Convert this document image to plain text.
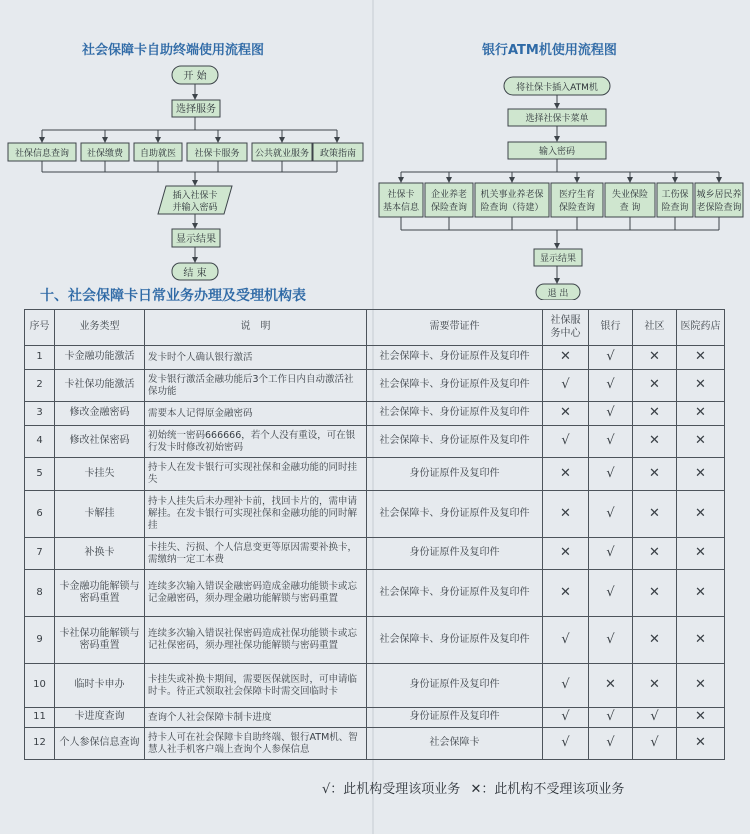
社会保障卡自助终端使用流程图	银行ATM机使用流程图
开 始
选择服务
社保信息查询 社保缴费 自助就医 社保卡服务 公共就业服务 政策指南
插入社保卡
并输入密码
显示结果
结 束
将社保卡插入ATM机
选择社保卡菜单
输入密码
社保卡
基本信息
企业养老
保险查询
机关事业养老保
险查询（待建）
医疗生育
保险查询
失业保险
查 询
工伤保
险查询
城乡居民养
老保险查询
显示结果
退 出
十、社会保障卡日常业务办理及受理机构表
序号	业务类型	说　明	需要带证件	社保服务中心	银行	社区	医院药店
1	卡金融功能激活	发卡时个人确认银行激活	社会保障卡、身份证原件及复印件	✕	√	✕	✕
2	卡社保功能激活	发卡银行激活金融功能后3个工作日内自动激活社保功能	社会保障卡、身份证原件及复印件	√	√	✕	✕
3	修改金融密码	需要本人记得原金融密码	社会保障卡、身份证原件及复印件	✕	√	✕	✕
4	修改社保密码	初始统一密码666666，若个人没有重设，可在银行发卡时修改初始密码	社会保障卡、身份证原件及复印件	√	√	✕	✕
5	卡挂失	持卡人在发卡银行可实现社保和金融功能的同时挂失	身份证原件及复印件	✕	√	✕	✕
6	卡解挂	持卡人挂失后未办理补卡前，找回卡片的，需申请解挂。在发卡银行可实现社保和金融功能的同时解挂	社会保障卡、身份证原件及复印件	✕	√	✕	✕
7	补换卡	卡挂失、污损、个人信息变更等原因需要补换卡，需缴纳一定工本费	身份证原件及复印件	✕	√	✕	✕
8	卡金融功能解锁与密码重置	连续多次输入错误金融密码造成金融功能锁卡或忘记金融密码，须办理金融功能解锁与密码重置	社会保障卡、身份证原件及复印件	✕	√	✕	✕
9	卡社保功能解锁与密码重置	连续多次输入错误社保密码造成社保功能锁卡或忘记社保密码，须办理社保功能解锁与密码重置	社会保障卡、身份证原件及复印件	√	√	✕	✕
10	临时卡申办	卡挂失或补换卡期间，需要医保就医时，可申请临时卡。待正式领取社会保障卡时需交回临时卡	身份证原件及复印件	√	✕	✕	✕
11	卡进度查询	查询个人社会保障卡制卡进度	身份证原件及复印件	√	√	√	✕
12	个人参保信息查询	持卡人可在社会保障卡自助终端、银行ATM机、智慧人社手机客户端上查询个人参保信息	社会保障卡	√	√	√	✕
√：此机构受理该项业务 ✕：此机构不受理该项业务
